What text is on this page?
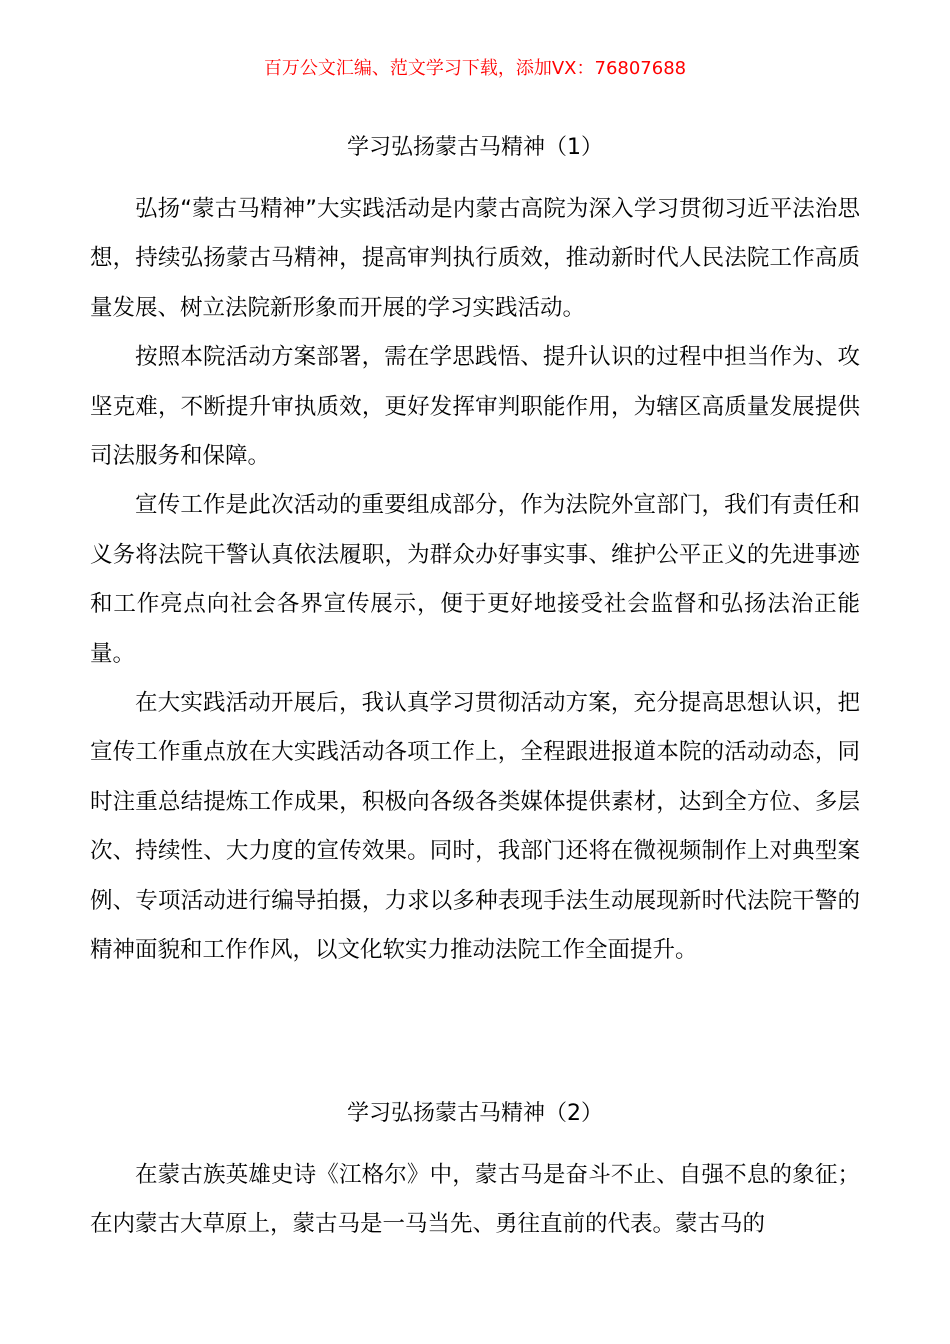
百万公文汇编、范文学习下载，添加VX：76807688
学习弘扬蒙古马精神（1）

弘扬“蒙古马精神”大实践活动是内蒙古高院为深入学习贯彻习近平法治思想，持续弘扬蒙古马精神，提高审判执行质效，推动新时代人民法院工作高质量发展、树立法院新形象而开展的学习实践活动。

按照本院活动方案部署，需在学思践悟、提升认识的过程中担当作为、攻坚克难，不断提升审执质效，更好发挥审判职能作用，为辖区高质量发展提供司法服务和保障。

宣传工作是此次活动的重要组成部分，作为法院外宣部门，我们有责任和义务将法院干警认真依法履职，为群众办好事实事、维护公平正义的先进事迹和工作亮点向社会各界宣传展示，便于更好地接受社会监督和弘扬法治正能量。

在大实践活动开展后，我认真学习贯彻活动方案，充分提高思想认识，把宣传工作重点放在大实践活动各项工作上，全程跟进报道本院的活动动态，同时注重总结提炼工作成果，积极向各级各类媒体提供素材，达到全方位、多层次、持续性、大力度的宣传效果。同时，我部门还将在微视频制作上对典型案例、专项活动进行编导拍摄，力求以多种表现手法生动展现新时代法院干警的精神面貌和工作作风，以文化软实力推动法院工作全面提升。

学习弘扬蒙古马精神（2）

在蒙古族英雄史诗《江格尔》中，蒙古马是奋斗不止、自强不息的象征；在内蒙古大草原上，蒙古马是一马当先、勇往直前的代表。蒙古马的
